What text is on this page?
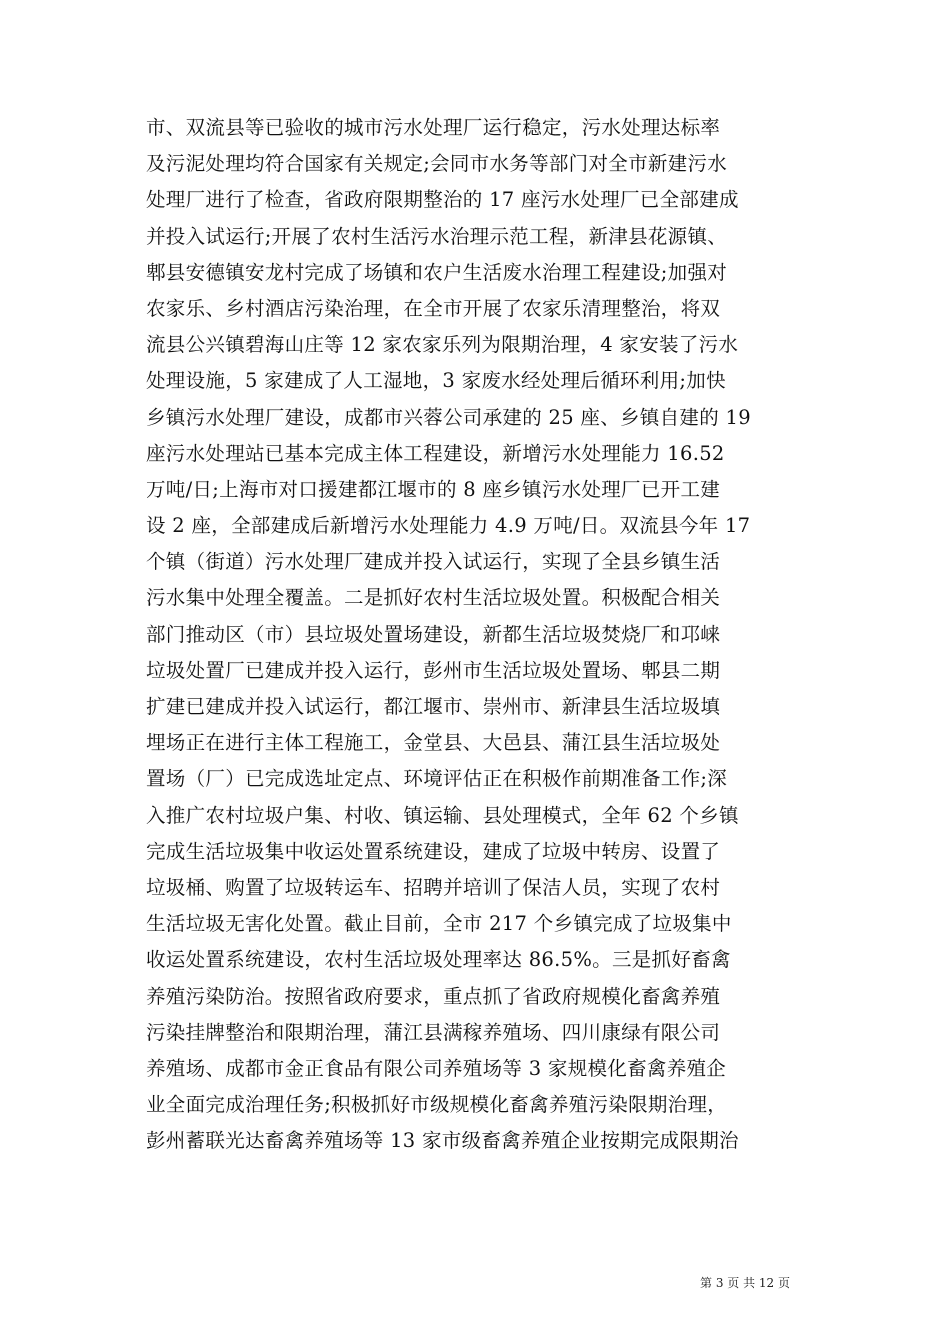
市、双流县等已验收的城市污水处理厂运行稳定，污水处理达标率
及污泥处理均符合国家有关规定;会同市水务等部门对全市新建污水
处理厂进行了检查，省政府限期整治的 17 座污水处理厂已全部建成
并投入试运行;开展了农村生活污水治理示范工程，新津县花源镇、
郫县安德镇安龙村完成了场镇和农户生活废水治理工程建设;加强对
农家乐、乡村酒店污染治理，在全市开展了农家乐清理整治，将双
流县公兴镇碧海山庄等 12 家农家乐列为限期治理，4 家安装了污水
处理设施，5 家建成了人工湿地，3 家废水经处理后循环利用;加快
乡镇污水处理厂建设，成都市兴蓉公司承建的 25 座、乡镇自建的 19
座污水处理站已基本完成主体工程建设，新增污水处理能力 16.52
万吨/日;上海市对口援建都江堰市的 8 座乡镇污水处理厂已开工建
设 2 座，全部建成后新增污水处理能力 4.9 万吨/日。双流县今年 17
个镇（街道）污水处理厂建成并投入试运行，实现了全县乡镇生活
污水集中处理全覆盖。二是抓好农村生活垃圾处置。积极配合相关
部门推动区（市）县垃圾处置场建设，新都生活垃圾焚烧厂和邛崃
垃圾处置厂已建成并投入运行，彭州市生活垃圾处置场、郫县二期
扩建已建成并投入试运行，都江堰市、崇州市、新津县生活垃圾填
埋场正在进行主体工程施工，金堂县、大邑县、蒲江县生活垃圾处
置场（厂）已完成选址定点、环境评估正在积极作前期准备工作;深
入推广农村垃圾户集、村收、镇运输、县处理模式，全年 62 个乡镇
完成生活垃圾集中收运处置系统建设，建成了垃圾中转房、设置了
垃圾桶、购置了垃圾转运车、招聘并培训了保洁人员，实现了农村
生活垃圾无害化处置。截止目前，全市 217 个乡镇完成了垃圾集中
收运处置系统建设，农村生活垃圾处理率达 86.5%。三是抓好畜禽
养殖污染防治。按照省政府要求，重点抓了省政府规模化畜禽养殖
污染挂牌整治和限期治理，蒲江县满稼养殖场、四川康绿有限公司
养殖场、成都市金正食品有限公司养殖场等 3 家规模化畜禽养殖企
业全面完成治理任务;积极抓好市级规模化畜禽养殖污染限期治理，
彭州蓄联光达畜禽养殖场等 13 家市级畜禽养殖企业按期完成限期治
第 3 页 共 12 页
